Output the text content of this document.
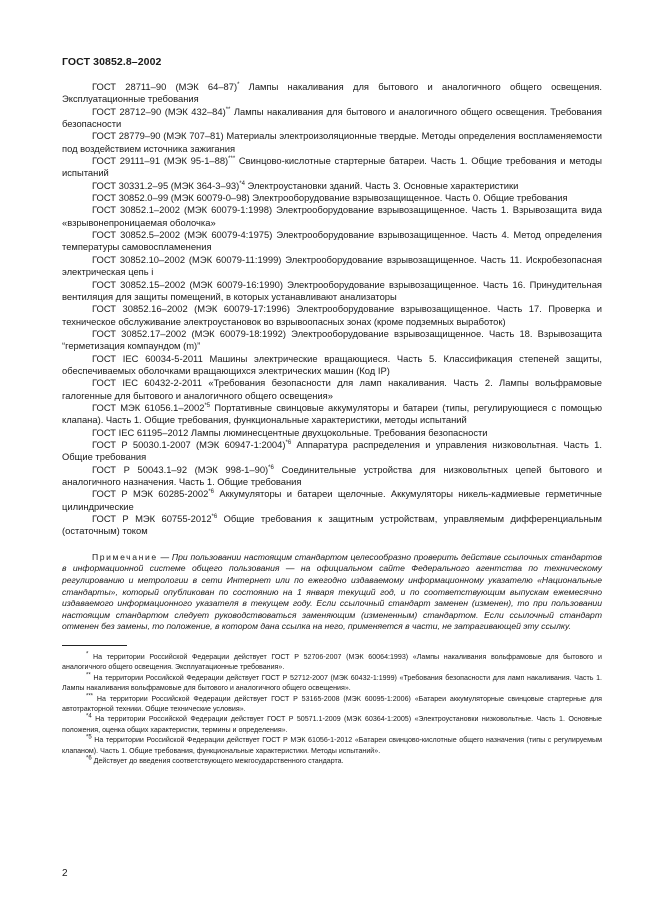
ГОСТ 30852.8–2002

ГОСТ 28711–90 (МЭК 64–87)* Лампы накаливания для бытового и аналогичного общего освещения. Эксплуатационные требования

ГОСТ 28712–90 (МЭК 432–84)** Лампы накаливания для бытового и аналогичного общего освещения. Требования безопасности

ГОСТ 28779–90 (МЭК 707–81) Материалы электроизоляционные твердые. Методы определения воспламеняемости под воздействием источника зажигания

ГОСТ 29111–91 (МЭК 95-1–88)*** Свинцово-кислотные стартерные батареи. Часть 1. Общие требования и методы испытаний

ГОСТ 30331.2–95 (МЭК 364-3–93)$^{*4}$ Электроустановки зданий. Часть 3. Основные характеристики

ГОСТ 30852.0–99 (МЭК 60079-0–98) Электрооборудование взрывозащищенное. Часть 0. Общие требования

ГОСТ 30852.1–2002 (МЭК 60079-1:1998) Электрооборудование взрывозащищенное. Часть 1. Взрывозащита вида «взрывонепроницаемая оболочка»

ГОСТ 30852.5–2002 (МЭК 60079-4:1975) Электрооборудование взрывозащищенное. Часть 4. Метод определения температуры самовоспламенения

ГОСТ 30852.10–2002 (МЭК 60079-11:1999) Электрооборудование взрывозащищенное. Часть 11. Искробезопасная электрическая цепь i

ГОСТ 30852.15–2002 (МЭК 60079-16:1990) Электрооборудование взрывозащищенное. Часть 16. Принудительная вентиляция для защиты помещений, в которых устанавливают анализаторы

ГОСТ 30852.16–2002 (МЭК 60079-17:1996) Электрооборудование взрывозащищенное. Часть 17. Проверка и техническое обслуживание электроустановок во взрывоопасных зонах (кроме подземных выработок)

ГОСТ 30852.17–2002 (МЭК 60079-18:1992) Электрооборудование взрывозащищенное. Часть 18. Взрывозащита “герметизация компаундом (m)”

ГОСТ IEC 60034-5-2011 Машины электрические вращающиеся. Часть 5. Классификация степеней защиты, обеспечиваемых оболочками вращающихся электрических машин (Код IP)

ГОСТ IEC 60432-2-2011 «Требования безопасности для ламп накаливания. Часть 2. Лампы вольфрамовые галогенные для бытового и аналогичного общего освещения»

ГОСТ МЭК 61056.1–2002$^{*5}$ Портативные свинцовые аккумуляторы и батареи (типы, регулирующиеся с помощью клапана). Часть 1. Общие требования, функциональные характеристики, методы испытаний

ГОСТ IEC 61195–2012 Лампы люминесцентные двухцокольные. Требования безопасности

ГОСТ Р 50030.1-2007 (МЭК 60947-1:2004)$^{*6}$ Аппаратура распределения и управления низковольтная. Часть 1. Общие требования

ГОСТ Р 50043.1–92 (МЭК 998-1–90)$^{*6}$ Соединительные устройства для низковольтных цепей бытового и аналогичного назначения. Часть 1. Общие требования

ГОСТ Р МЭК 60285-2002$^{*6}$ Аккумуляторы и батареи щелочные. Аккумуляторы никель-кадмиевые герметичные цилиндрические

ГОСТ Р МЭК 60755-2012$^{*6}$ Общие требования к защитным устройствам, управляемым дифференциальным (остаточным) током

Примечание — При пользовании настоящим стандартом целесообразно проверить действие ссылочных стандартов в информационной системе общего пользования — на официальном сайте Федерального агентства по техническому регулированию и метрологии в сети Интернет или по ежегодно издаваемому информационному указателю «Национальные стандарты», который опубликован по состоянию на 1 января текущий год, и по соответствующим выпускам ежемесячно издаваемого информационного указателя в текущем году. Если ссылочный стандарт заменен (изменен), то при пользовании настоящим стандартом следует руководствоваться заменяющим (измененным) стандартом. Если ссылочный стандарт отменен без замены, то положение, в котором дана ссылка на него, применяется в части, не затрагивающей эту ссылку.

* На территории Российской Федерации действует ГОСТ Р 52706-2007 (МЭК 60064:1993) «Лампы накаливания вольфрамовые для бытового и аналогичного общего освещения. Эксплуатационные требования».

** На территории Российской Федерации действует ГОСТ Р 52712-2007 (МЭК 60432-1:1999) «Требования безопасности для ламп накаливания. Часть 1. Лампы накаливания вольфрамовые для бытового и аналогичного общего освещения».

*** На территории Российской Федерации действует ГОСТ Р 53165-2008 (МЭК 60095-1:2006) «Батареи аккумуляторные свинцовые стартерные для автотракторной техники. Общие технические условия».

$^{*4}$ На территории Российской Федерации действует ГОСТ Р 50571.1-2009 (МЭК 60364-1:2005) «Электроустановки низковольтные. Часть 1. Основные положения, оценка общих характеристик, термины и определения».

$^{*5}$ На территории Российской Федерации действует ГОСТ Р МЭК 61056-1-2012 «Батареи свинцово-кислотные общего назначения (типы с регулируемым клапаном). Часть 1. Общие требования, функциональные характеристики. Методы испытаний».

$^{*6}$ Действует до введения соответствующего межгосударственного стандарта.

2
